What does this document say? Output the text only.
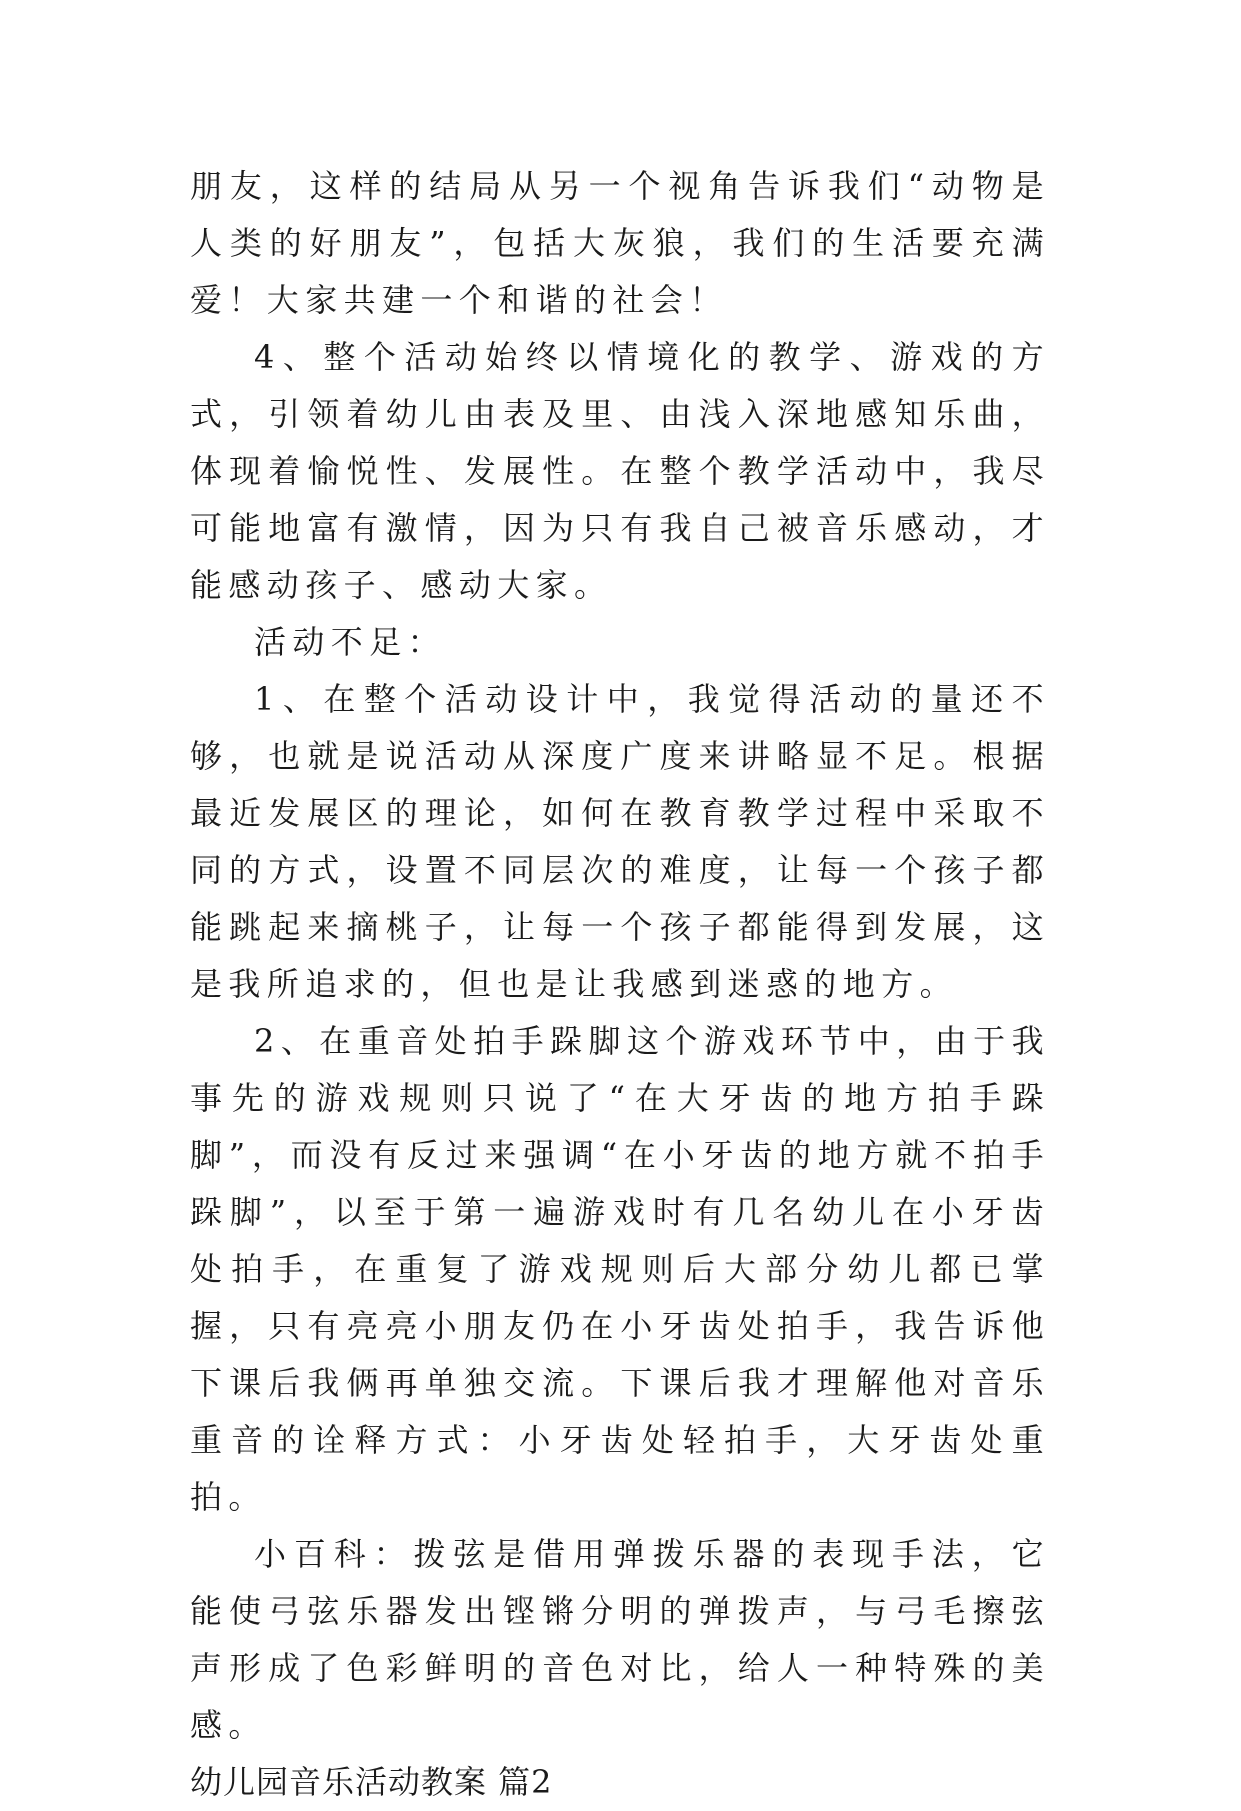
朋友，这样的结局从另一个视角告诉我们“动物是人类的好朋友”，包括大灰狼，我们的生活要充满爱！大家共建一个和谐的社会！

4、整个活动始终以情境化的教学、游戏的方式，引领着幼儿由表及里、由浅入深地感知乐曲，体现着愉悦性、发展性。在整个教学活动中，我尽可能地富有激情，因为只有我自己被音乐感动，才能感动孩子、感动大家。

活动不足：

1、在整个活动设计中，我觉得活动的量还不够，也就是说活动从深度广度来讲略显不足。根据最近发展区的理论，如何在教育教学过程中采取不同的方式，设置不同层次的难度，让每一个孩子都能跳起来摘桃子，让每一个孩子都能得到发展，这是我所追求的，但也是让我感到迷惑的地方。

2、在重音处拍手跺脚这个游戏环节中，由于我事先的游戏规则只说了“在大牙齿的地方拍手跺脚”，而没有反过来强调“在小牙齿的地方就不拍手跺脚”，以至于第一遍游戏时有几名幼儿在小牙齿处拍手，在重复了游戏规则后大部分幼儿都已掌握，只有亮亮小朋友仍在小牙齿处拍手，我告诉他下课后我俩再单独交流。下课后我才理解他对音乐重音的诠释方式：小牙齿处轻拍手，大牙齿处重拍。

小百科：拨弦是借用弹拨乐器的表现手法，它能使弓弦乐器发出铿锵分明的弹拨声，与弓毛擦弦声形成了色彩鲜明的音色对比，给人一种特殊的美感。

幼儿园音乐活动教案 篇2
